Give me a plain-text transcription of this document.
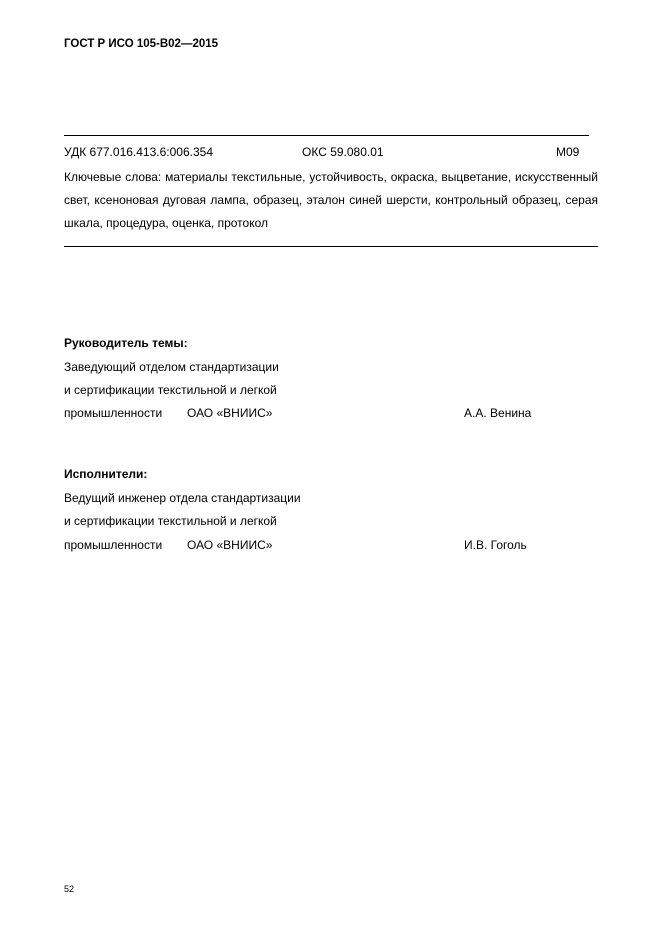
ГОСТ Р ИСО 105-B02—2015
УДК 677.016.413.6:006.354	ОКС 59.080.01	М09
Ключевые слова: материалы текстильные, устойчивость, окраска, выцветание, искусственный свет, ксеноновая дуговая лампа, образец, эталон синей шерсти, контрольный образец, серая шкала, процедура, оценка, протокол
Руководитель темы:
Заведующий отделом стандартизации
и сертификации текстильной и легкой
промышленности ОАО «ВНИИС»	А.А. Венина
Исполнители:
Ведущий инженер отдела стандартизации
и сертификации текстильной и легкой
промышленности ОАО «ВНИИС»	И.В. Гоголь
52
